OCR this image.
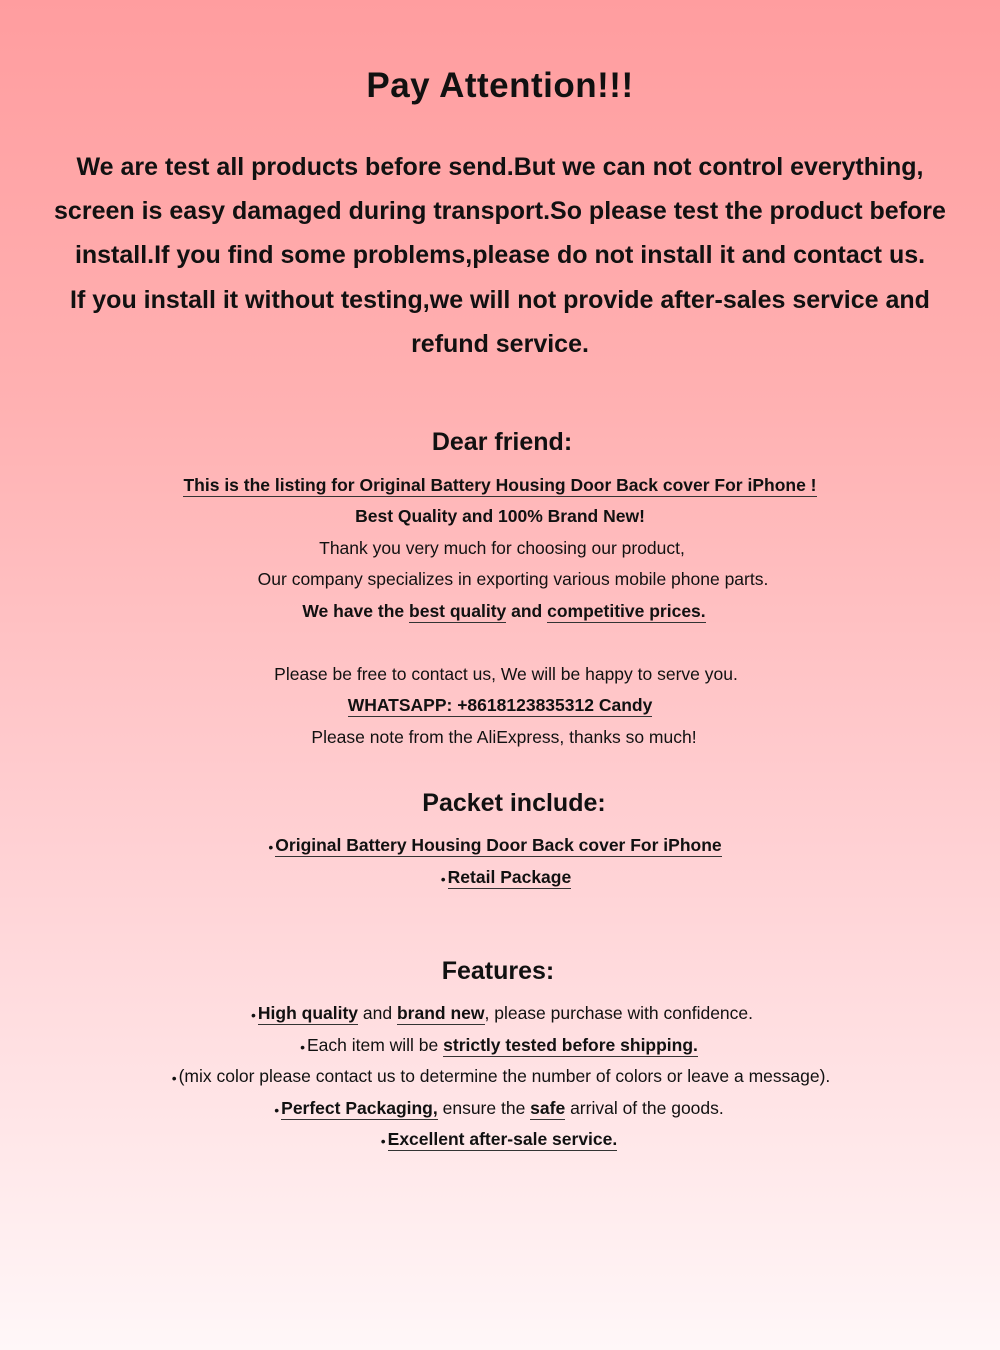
Pay Attention!!!
We are test all products before send.But we can not control everything,
screen is easy damaged during transport.So please test the product before
install.If you find some problems,please do not install it and contact us.
If you install it without testing,we will not provide after-sales service and
refund service.
Dear friend:
This is the listing for Original Battery Housing Door Back cover For iPhone !
Best Quality and 100% Brand New!
Thank you very much for choosing our product,
Our company specializes in exporting various mobile phone parts.
We have the best quality and competitive prices.
Please be free to contact us, We will be happy to serve you.
WHATSAPP: +8618123835312 Candy
Please note from the AliExpress, thanks so much!
Packet include:
• Original Battery Housing Door Back cover For iPhone
• Retail Package
Features:
• High quality and brand new, please purchase with confidence.
• Each item will be strictly tested before shipping.
• (mix color please contact us to determine the number of colors or leave a message).
• Perfect Packaging, ensure the safe arrival of the goods.
• Excellent after-sale service.
